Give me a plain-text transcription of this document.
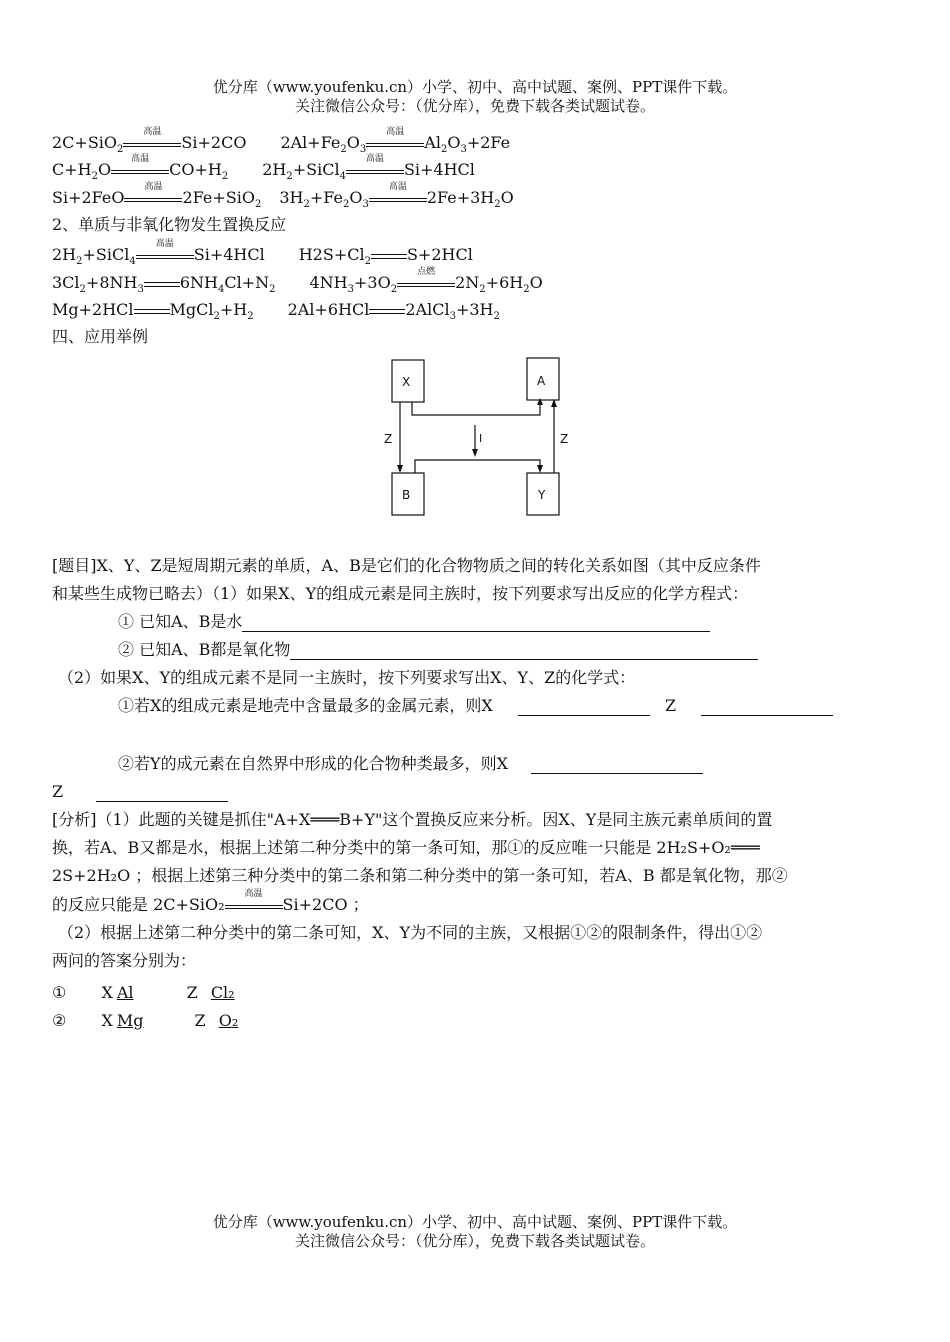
优分库（www.youfenku.cn）小学、初中、高中试题、案例、PPT课件下载。
关注微信公众号：（优分库），免费下载各类试题试卷。
2C+SiO$_2$
高温
Si+2CO $2Al+Fe_2O_3$
高温
$Al_2O_3+2Fe$
$C+H_2O$
高温
$CO+H_2$ $2H_2+SiCl_4$
高温
Si+4HCl
Si+2FeO
高温
2Fe+SiO$_2$ $3H_2+Fe_2O_3$
高温
$2Fe+3H_2O$
2、单质与非氧化物发生置换反应
$2H_2+SiCl_4$
高温
Si+4HCl $H2S+Cl_2$ S+2HCl
$3Cl_2+8NH_3$ $6NH_4Cl+N_2$ $4NH_3+3O_2$
点燃
$2N_2+6H_2O$
Mg+2HCl $MgCl_2+H_2$ 2Al+6HCl $2AlCl_3+3H_2$
四、应用举例
X	A
B	Y
Z	Z
I
[题目]X、Y、Z是短周期元素的单质，A、B是它们的化合物物质之间的转化关系如图（其中反应条件
和某些生成物已略去）（1）如果X、Y的组成元素是同主族时，按下列要求写出反应的化学方程式：
① 已知A、B是水
② 已知A、B都是氧化物
（2）如果X、Y的组成元素不是同一主族时，按下列要求写出X、Y、Z的化学式：
①若X的组成元素是地壳中含量最多的金属元素，则X	Z
②若Y的成元素在自然界中形成的化合物种类最多，则X
Z
[分析]（1）此题的关键是抓住"A+X═══B+Y"这个置换反应来分析。因X、Y是同主族元素单质间的置
换，若A、B又都是水，根据上述第二种分类中的第一条可知，那①的反应唯一只能是 2H₂S+O₂═══
2S+2H₂O ；根据上述第三种分类中的第二条和第二种分类中的第一条可知，若A、B 都是氧化物，那②
的反应只能是 2C+SiO₂
高温
Si+2CO ；
（2）根据上述第二种分类中的第二条可知，X、Y为不同的主族，又根据①②的限制条件，得出①②
两问的答案分别为：
① X Al	Z Cl₂
② X Mg	Z O₂
优分库（www.youfenku.cn）小学、初中、高中试题、案例、PPT课件下载。
关注微信公众号：（优分库），免费下载各类试题试卷。
